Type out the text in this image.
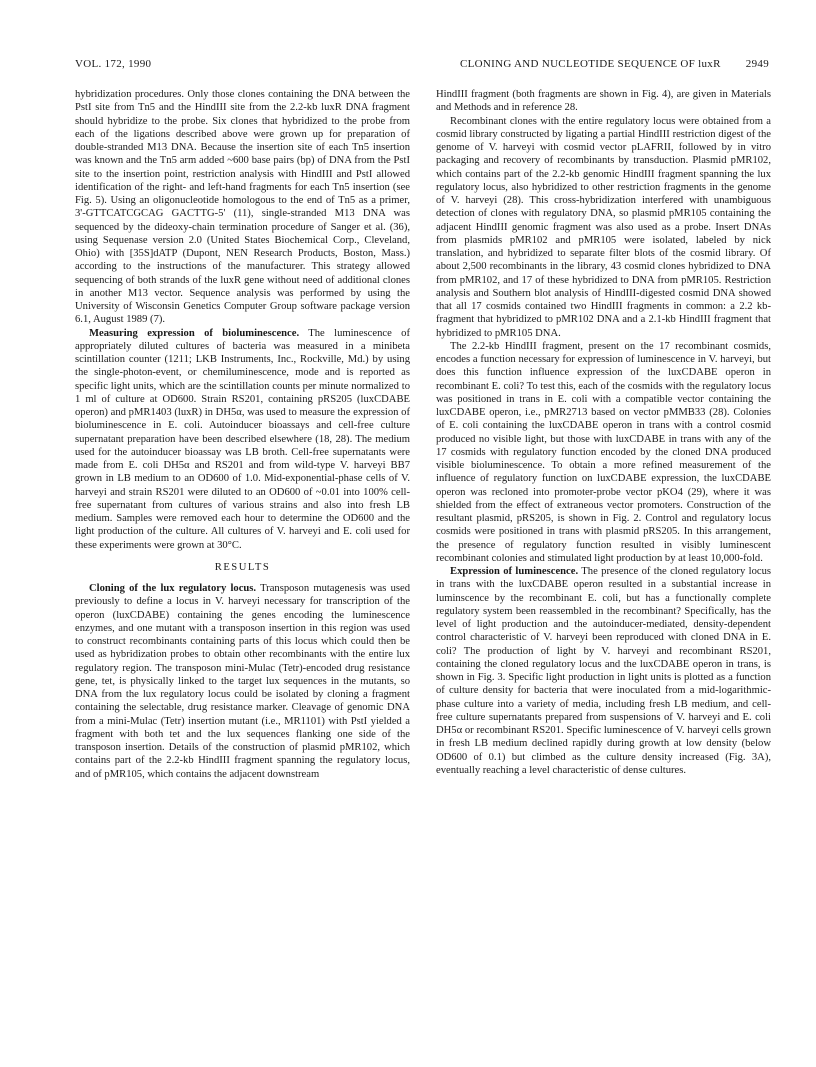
VOL. 172, 1990	CLONING AND NUCLEOTIDE SEQUENCE OF luxR 2949

hybridization procedures. Only those clones containing the DNA between the PstI site from Tn5 and the HindIII site from the 2.2-kb luxR DNA fragment should hybridize to the probe. Six clones that hybridized to the probe from each of the ligations described above were grown up for preparation of double-stranded M13 DNA. Because the insertion site of each Tn5 insertion was known and the Tn5 arm added ~600 base pairs (bp) of DNA from the PstI site to the insertion point, restriction analysis with HindIII and PstI allowed identification of the right- and left-hand fragments for each Tn5 insertion (see Fig. 5). Using an oligonucleotide homologous to the end of Tn5 as a primer, 3'-GTTCATCGCAG GACTTG-5' (11), single-stranded M13 DNA was sequenced by the dideoxy-chain termination procedure of Sanger et al. (36), using Sequenase version 2.0 (United States Biochemical Corp., Cleveland, Ohio) with [35S]dATP (Dupont, NEN Research Products, Boston, Mass.) according to the instructions of the manufacturer. This strategy allowed sequencing of both strands of the luxR gene without need of additional clones in another M13 vector. Sequence analysis was performed by using the University of Wisconsin Genetics Computer Group software package version 6.1, August 1989 (7).

Measuring expression of bioluminescence. The luminescence of appropriately diluted cultures of bacteria was measured in a minibeta scintillation counter (1211; LKB Instruments, Inc., Rockville, Md.) by using the single-photon-event, or chemiluminescence, mode and is reported as specific light units, which are the scintillation counts per minute normalized to 1 ml of culture at OD600. Strain RS201, containing pRS205 (luxCDABE operon) and pMR1403 (luxR) in DH5α, was used to measure the expression of bioluminescence in E. coli. Autoinducer bioassays and cell-free culture supernatant preparation have been described elsewhere (18, 28). The medium used for the autoinducer bioassay was LB broth. Cell-free supernatants were made from E. coli DH5α and RS201 and from wild-type V. harveyi BB7 grown in LB medium to an OD600 of 1.0. Mid-exponential-phase cells of V. harveyi and strain RS201 were diluted to an OD600 of ~0.01 into 100% cell-free supernatant from cultures of various strains and also into fresh LB medium. Samples were removed each hour to determine the OD600 and the light production of the culture. All cultures of V. harveyi and E. coli used for these experiments were grown at 30°C.

RESULTS

Cloning of the lux regulatory locus. Transposon mutagenesis was used previously to define a locus in V. harveyi necessary for transcription of the operon (luxCDABE) containing the genes encoding the luminescence enzymes, and one mutant with a transposon insertion in this region was used to construct recombinants containing parts of this locus which could then be used as hybridization probes to obtain other recombinants with the entire lux regulatory region. The transposon mini-Mulac (Tetr)-encoded drug resistance gene, tet, is physically linked to the target lux sequences in the mutants, so DNA from the lux regulatory locus could be isolated by cloning a fragment containing the selectable, drug resistance marker. Cleavage of genomic DNA from a mini-Mulac (Tetr) insertion mutant (i.e., MR1101) with PstI yielded a fragment with both tet and the lux sequences flanking one side of the transposon insertion. Details of the construction of plasmid pMR102, which contains part of the 2.2-kb HindIII fragment spanning the regulatory locus, and of pMR105, which contains the adjacent downstream

HindIII fragment (both fragments are shown in Fig. 4), are given in Materials and Methods and in reference 28.

Recombinant clones with the entire regulatory locus were obtained from a cosmid library constructed by ligating a partial HindIII restriction digest of the genome of V. harveyi with cosmid vector pLAFRII, followed by in vitro packaging and recovery of recombinants by transduction. Plasmid pMR102, which contains part of the 2.2-kb genomic HindIII fragment spanning the lux regulatory locus, also hybridized to other restriction fragments in the genome of V. harveyi (28). This cross-hybridization interfered with unambiguous detection of clones with regulatory DNA, so plasmid pMR105 containing the adjacent HindIII genomic fragment was also used as a probe. Insert DNAs from plasmids pMR102 and pMR105 were isolated, labeled by nick translation, and hybridized to separate filter blots of the cosmid library. Of about 2,500 recombinants in the library, 43 cosmid clones hybridized to DNA from pMR102, and 17 of these hybridized to DNA from pMR105. Restriction analysis and Southern blot analysis of HindIII-digested cosmid DNA showed that all 17 cosmids contained two HindIII fragments in common: a 2.2 kb-fragment that hybridized to pMR102 DNA and a 2.1-kb HindIII fragment that hybridized to pMR105 DNA.

The 2.2-kb HindIII fragment, present on the 17 recombinant cosmids, encodes a function necessary for expression of luminescence in V. harveyi, but does this function influence expression of the luxCDABE operon in recombinant E. coli? To test this, each of the cosmids with the regulatory locus was positioned in trans in E. coli with a compatible vector containing the luxCDABE operon, i.e., pMR2713 based on vector pMMB33 (28). Colonies of E. coli containing the luxCDABE operon in trans with a control cosmid produced no visible light, but those with luxCDABE in trans with any of the 17 cosmids with regulatory function encoded by the cloned DNA produced visible bioluminescence. To obtain a more refined measurement of the influence of regulatory function on luxCDABE expression, the luxCDABE operon was recloned into promoter-probe vector pKO4 (29), where it was shielded from the effect of extraneous vector promoters. Construction of the resultant plasmid, pRS205, is shown in Fig. 2. Control and regulatory locus cosmids were positioned in trans with plasmid pRS205. In this arrangement, the presence of regulatory function resulted in visibly luminescent recombinant colonies and stimulated light production by at least 10,000-fold.

Expression of luminescence. The presence of the cloned regulatory locus in trans with the luxCDABE operon resulted in a substantial increase in luminscence by the recombinant E. coli, but has a functionally complete regulatory system been reassembled in the recombinant? Specifically, has the level of light production and the autoinducer-mediated, density-dependent control characteristic of V. harveyi been reproduced with cloned DNA in E. coli? The production of light by V. harveyi and recombinant RS201, containing the cloned regulatory locus and the luxCDABE operon in trans, is shown in Fig. 3. Specific light production in light units is plotted as a function of culture density for bacteria that were inoculated from a mid-logarithmic-phase culture into a variety of media, including fresh LB medium, and cell-free culture supernatants prepared from suspensions of V. harveyi and E. coli DH5α or recombinant RS201. Specific luminescence of V. harveyi cells grown in fresh LB medium declined rapidly during growth at low density (below OD600 of 0.1) but climbed as the culture density increased (Fig. 3A), eventually reaching a level characteristic of dense cultures.
